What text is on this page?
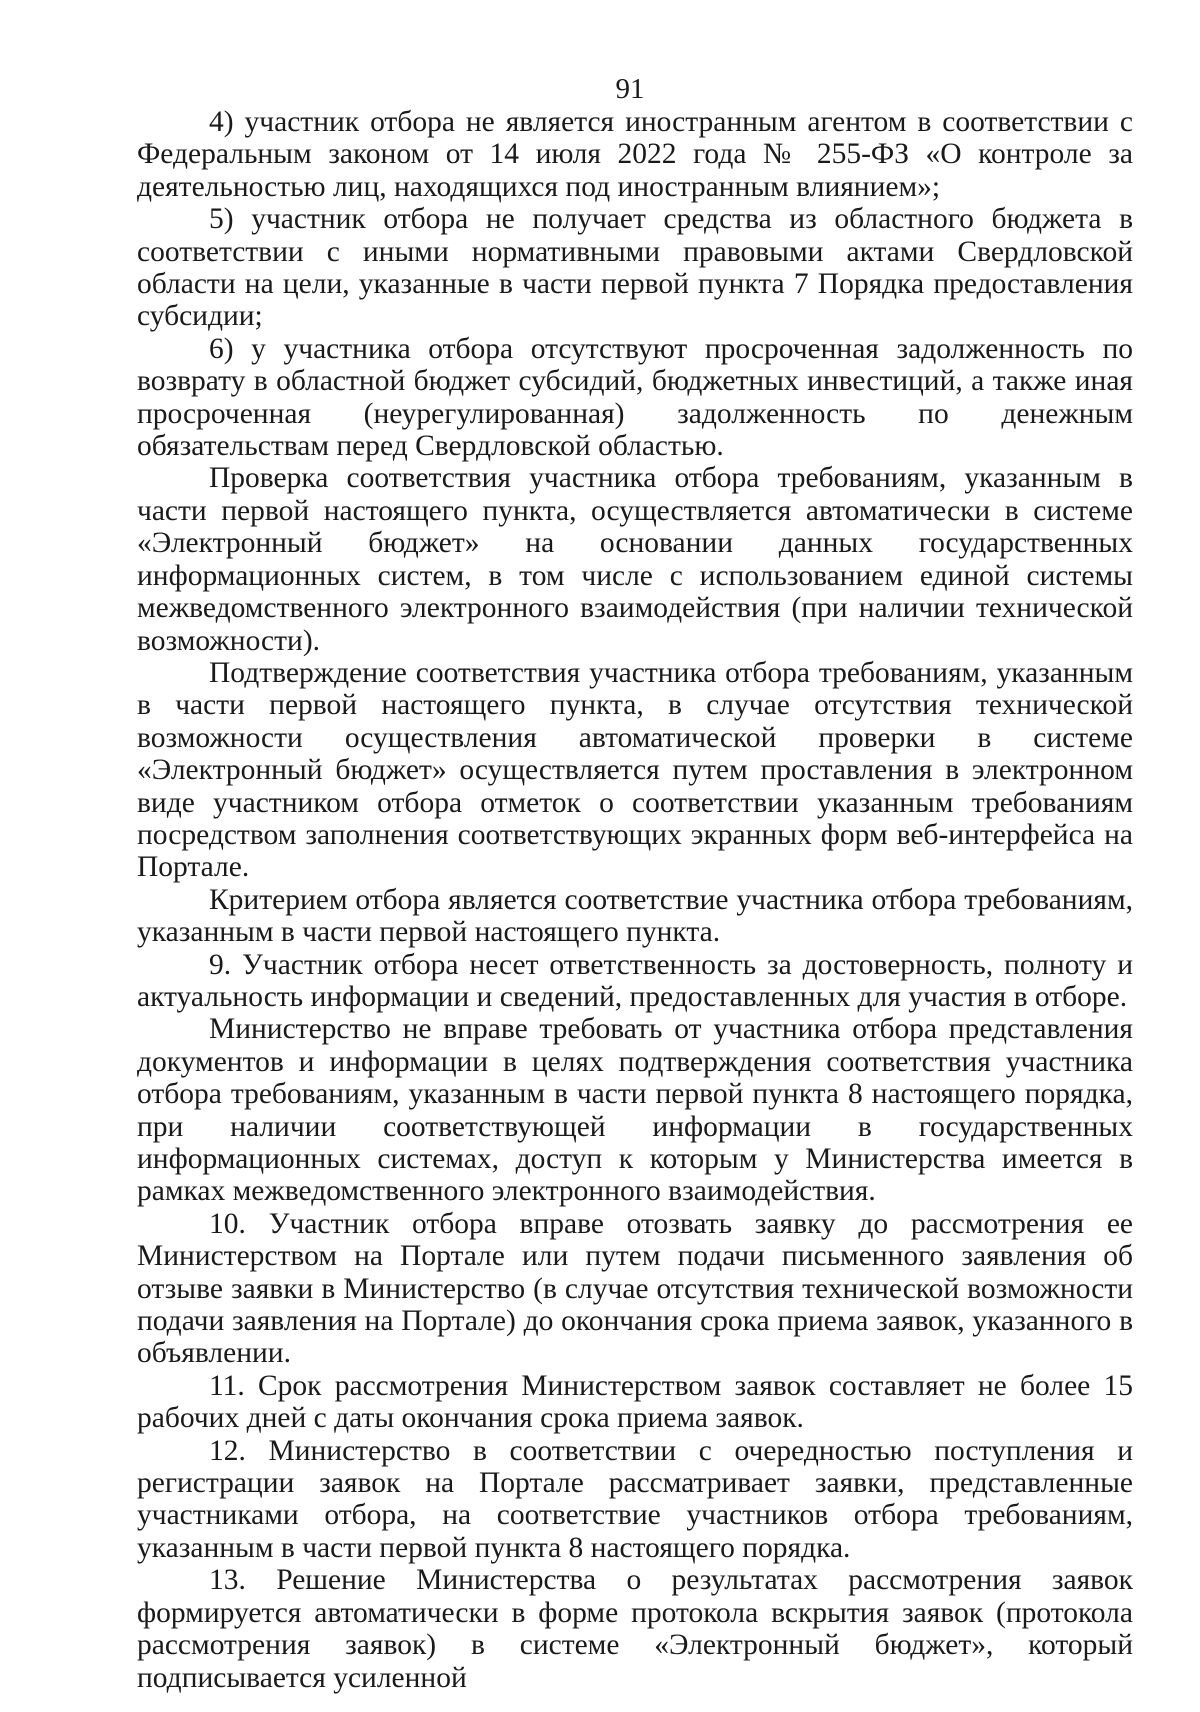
91

4) участник отбора не является иностранным агентом в соответствии с Федеральным законом от 14 июля 2022 года № 255-ФЗ «О контроле за деятельностью лиц, находящихся под иностранным влиянием»;

5) участник отбора не получает средства из областного бюджета в соответствии с иными нормативными правовыми актами Свердловской области на цели, указанные в части первой пункта 7 Порядка предоставления субсидии;

6) у участника отбора отсутствуют просроченная задолженность по возврату в областной бюджет субсидий, бюджетных инвестиций, а также иная просроченная (неурегулированная) задолженность по денежным обязательствам перед Свердловской областью.

Проверка соответствия участника отбора требованиям, указанным в части первой настоящего пункта, осуществляется автоматически в системе «Электронный бюджет» на основании данных государственных информационных систем, в том числе с использованием единой системы межведомственного электронного взаимодействия (при наличии технической возможности).

Подтверждение соответствия участника отбора требованиям, указанным в части первой настоящего пункта, в случае отсутствия технической возможности осуществления автоматической проверки в системе «Электронный бюджет» осуществляется путем проставления в электронном виде участником отбора отметок о соответствии указанным требованиям посредством заполнения соответствующих экранных форм веб-интерфейса на Портале.

Критерием отбора является соответствие участника отбора требованиям, указанным в части первой настоящего пункта.

9. Участник отбора несет ответственность за достоверность, полноту и актуальность информации и сведений, предоставленных для участия в отборе.

Министерство не вправе требовать от участника отбора представления документов и информации в целях подтверждения соответствия участника отбора требованиям, указанным в части первой пункта 8 настоящего порядка, при наличии соответствующей информации в государственных информационных системах, доступ к которым у Министерства имеется в рамках межведомственного электронного взаимодействия.

10. Участник отбора вправе отозвать заявку до рассмотрения ее Министерством на Портале или путем подачи письменного заявления об отзыве заявки в Министерство (в случае отсутствия технической возможности подачи заявления на Портале) до окончания срока приема заявок, указанного в объявлении.

11. Срок рассмотрения Министерством заявок составляет не более 15 рабочих дней с даты окончания срока приема заявок.

12. Министерство в соответствии с очередностью поступления и регистрации заявок на Портале рассматривает заявки, представленные участниками отбора, на соответствие участников отбора требованиям, указанным в части первой пункта 8 настоящего порядка.

13. Решение Министерства о результатах рассмотрения заявок формируется автоматически в форме протокола вскрытия заявок (протокола рассмотрения заявок) в системе «Электронный бюджет», который подписывается усиленной
